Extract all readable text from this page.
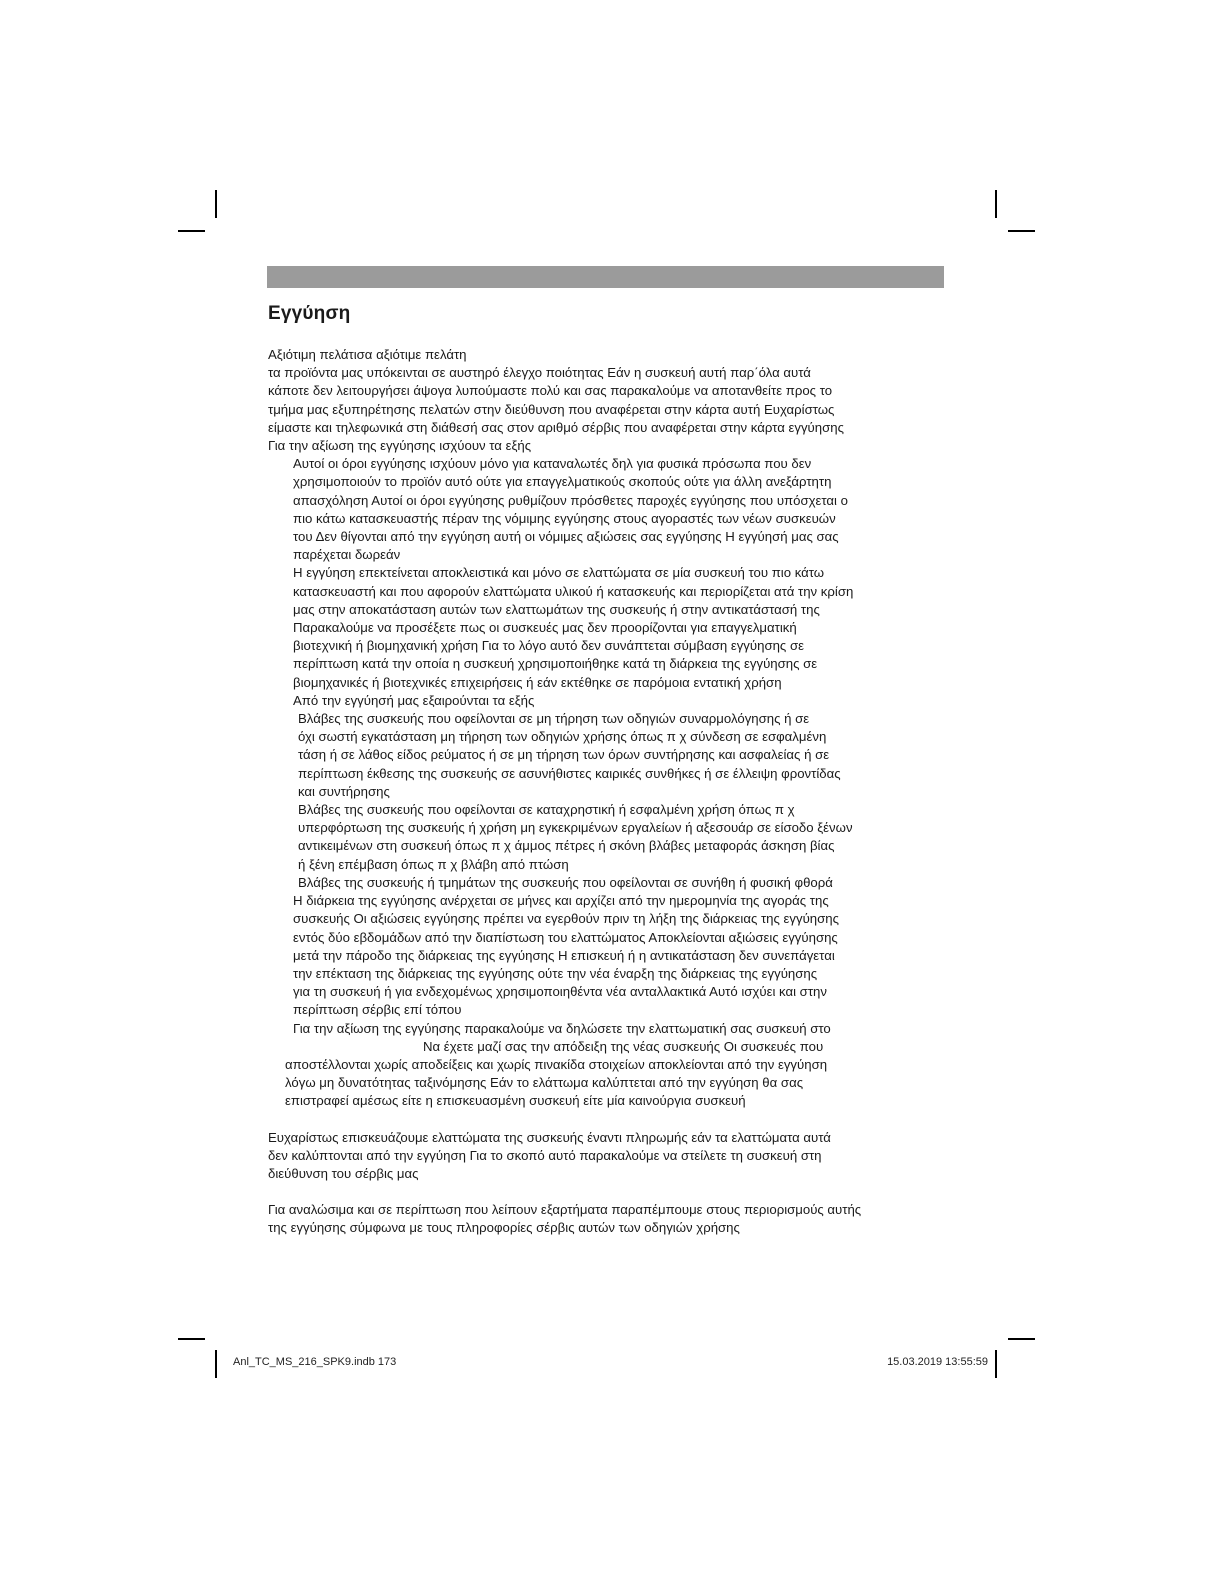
Εγγύηση

Αξιότιμη πελάτισα αξιότιμε πελάτη

τα προϊόντα μας υπόκεινται σε αυστηρό έλεγχο ποιότητας Εάν η συσκευή αυτή παρ΄όλα αυτά

κάποτε δεν λειτουργήσει άψογα λυπούμαστε πολύ και σας παρακαλούμε να αποτανθείτε προς το

τμήμα μας εξυπηρέτησης πελατών στην διεύθυνση που αναφέρεται στην κάρτα αυτή Ευχαρίστως

είμαστε και τηλεφωνικά στη διάθεσή σας στον αριθμό σέρβις που αναφέρεται στην κάρτα εγγύησης

Για την αξίωση της εγγύησης ισχύουν τα εξής

Αυτοί οι όροι εγγύησης ισχύουν μόνο για καταναλωτές δηλ για φυσικά πρόσωπα που δεν

χρησιμοποιούν το προϊόν αυτό ούτε για επαγγελματικούς σκοπούς ούτε για άλλη ανεξάρτητη

απασχόληση Αυτοί οι όροι εγγύησης ρυθμίζουν πρόσθετες παροχές εγγύησης που υπόσχεται ο

πιο κάτω κατασκευαστής πέραν της νόμιμης εγγύησης στους αγοραστές των νέων συσκευών

του Δεν θίγονται από την εγγύηση αυτή οι νόμιμες αξιώσεις σας εγγύησης Η εγγύησή μας σας

παρέχεται δωρεάν

Η εγγύηση επεκτείνεται αποκλειστικά και μόνο σε ελαττώματα σε μία συσκευή του πιο κάτω

κατασκευαστή και που αφορούν ελαττώματα υλικού ή κατασκευής και περιορίζεται ατά την κρίση

μας στην αποκατάσταση αυτών των ελαττωμάτων της συσκευής ή στην αντικατάστασή της

Παρακαλούμε να προσέξετε πως οι συσκευές μας δεν προορίζονται για επαγγελματική

βιοτεχνική ή βιομηχανική χρήση Για το λόγο αυτό δεν συνάπτεται σύμβαση εγγύησης σε

περίπτωση κατά την οποία η συσκευή χρησιμοποιήθηκε κατά τη διάρκεια της εγγύησης σε

βιομηχανικές ή βιοτεχνικές επιχειρήσεις ή εάν εκτέθηκε σε παρόμοια εντατική χρήση

Από την εγγύησή μας εξαιρούνται τα εξής

Βλάβες της συσκευής που οφείλονται σε μη τήρηση των οδηγιών συναρμολόγησης ή σε

όχι σωστή εγκατάσταση μη τήρηση των οδηγιών χρήσης όπως π χ σύνδεση σε εσφαλμένη

τάση ή σε λάθος είδος ρεύματος ή σε μη τήρηση των όρων συντήρησης και ασφαλείας ή σε

περίπτωση έκθεσης της συσκευής σε ασυνήθιστες καιρικές συνθήκες ή σε έλλειψη φροντίδας

και συντήρησης

Βλάβες της συσκευής που οφείλονται σε καταχρηστική ή εσφαλμένη χρήση όπως π χ

υπερφόρτωση της συσκευής ή χρήση μη εγκεκριμένων εργαλείων ή αξεσουάρ σε είσοδο ξένων

αντικειμένων στη συσκευή όπως π χ άμμος πέτρες ή σκόνη βλάβες μεταφοράς άσκηση βίας

ή ξένη επέμβαση όπως π χ βλάβη από πτώση

Βλάβες της συσκευής ή τμημάτων της συσκευής που οφείλονται σε συνήθη ή φυσική φθορά

Η διάρκεια της εγγύησης ανέρχεται σε μήνες και αρχίζει από την ημερομηνία της αγοράς της

συσκευής Οι αξιώσεις εγγύησης πρέπει να εγερθούν πριν τη λήξη της διάρκειας της εγγύησης

εντός δύο εβδομάδων από την διαπίστωση του ελαττώματος Αποκλείονται αξιώσεις εγγύησης

μετά την πάροδο της διάρκειας της εγγύησης Η επισκευή ή η αντικατάσταση δεν συνεπάγεται

την επέκταση της διάρκειας της εγγύησης ούτε την νέα έναρξη της διάρκειας της εγγύησης

για τη συσκευή ή για ενδεχομένως χρησιμοποιηθέντα νέα ανταλλακτικά Αυτό ισχύει και στην

περίπτωση σέρβις επί τόπου

Για την αξίωση της εγγύησης παρακαλούμε να δηλώσετε την ελαττωματική σας συσκευή στο

Να έχετε μαζί σας την απόδειξη της νέας συσκευής Οι συσκευές που

αποστέλλονται χωρίς αποδείξεις και χωρίς πινακίδα στοιχείων αποκλείονται από την εγγύηση

λόγω μη δυνατότητας ταξινόμησης Εάν το ελάττωμα καλύπτεται από την εγγύηση θα σας

επιστραφεί αμέσως είτε η επισκευασμένη συσκευή είτε μία καινούργια συσκευή

Ευχαρίστως επισκευάζουμε ελαττώματα της συσκευής έναντι πληρωμής εάν τα ελαττώματα αυτά

δεν καλύπτονται από την εγγύηση Για το σκοπό αυτό παρακαλούμε να στείλετε τη συσκευή στη

διεύθυνση του σέρβις μας

Για αναλώσιμα και σε περίπτωση που λείπουν εξαρτήματα παραπέμπουμε στους περιορισμούς αυτής

της εγγύησης σύμφωνα με τους πληροφορίες σέρβις αυτών των οδηγιών χρήσης

Anl_TC_MS_216_SPK9.indb 173	15.03.2019 13:55:59
